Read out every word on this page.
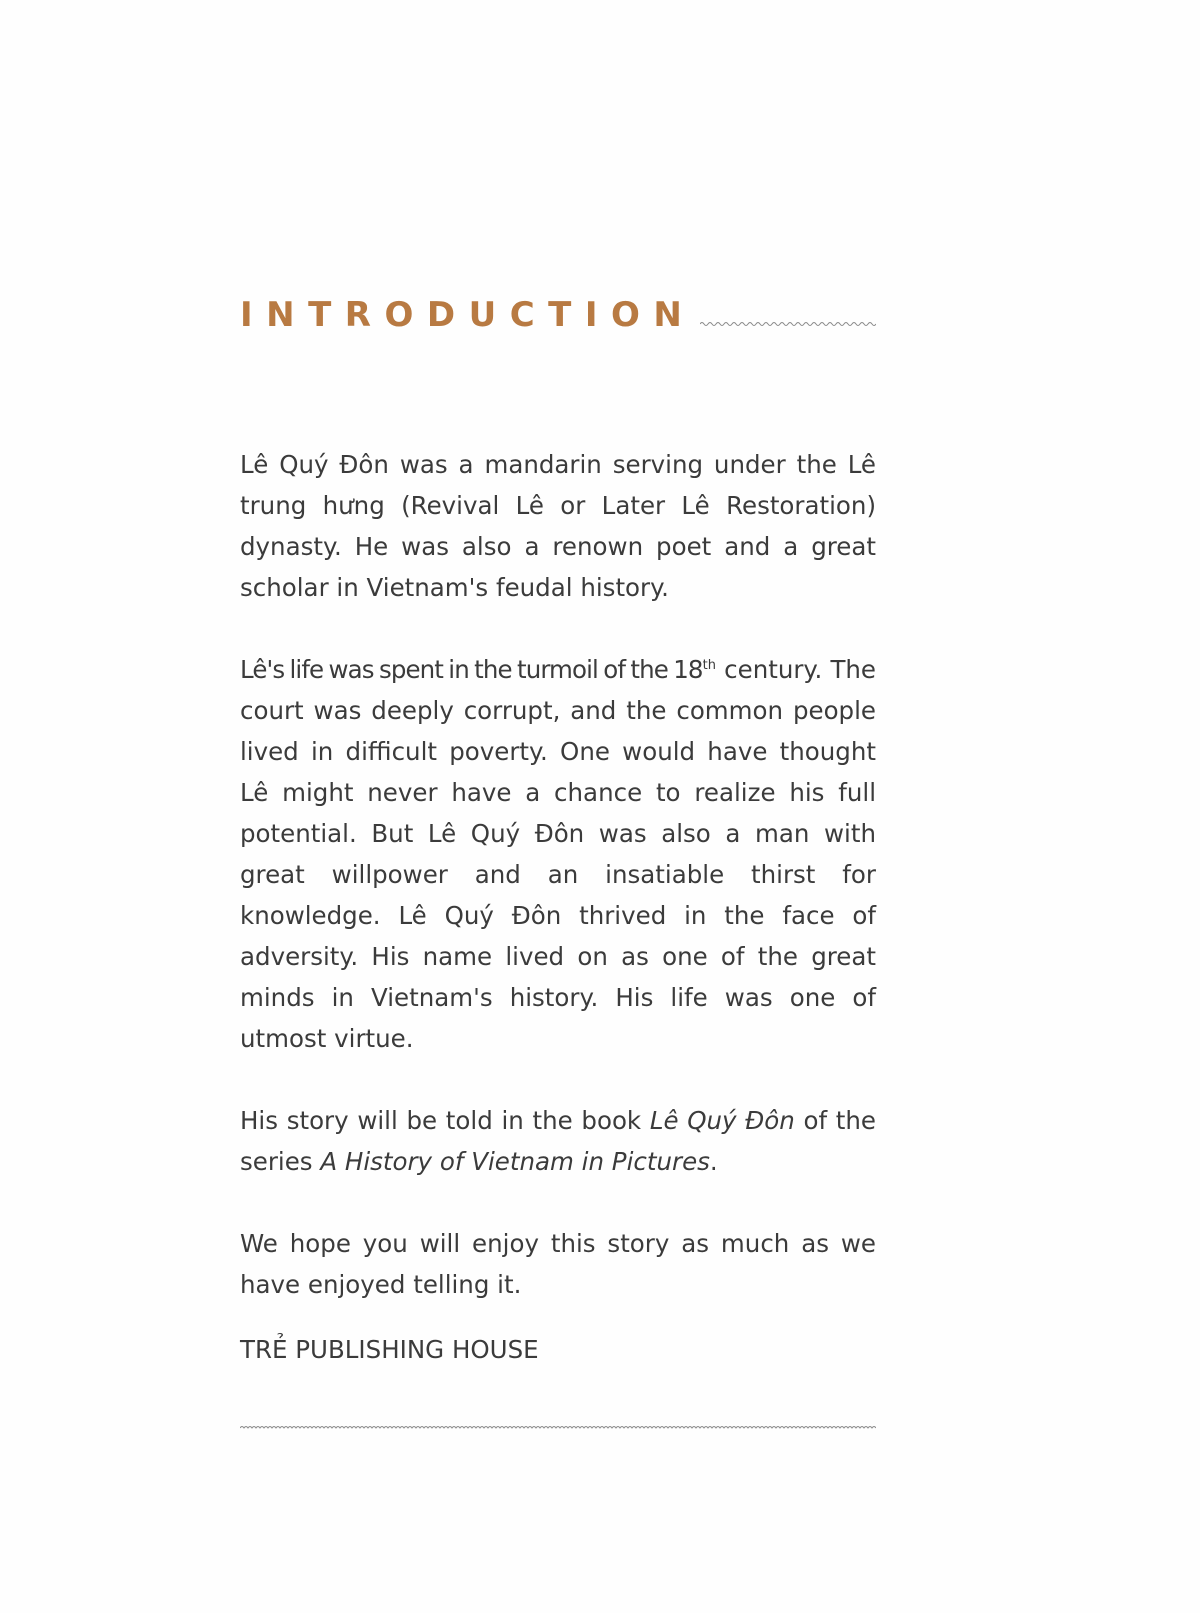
INTRODUCTION

Lê Quý Đôn was a mandarin serving under the Lê trung hưng (Revival Lê or Later Lê Restoration) dynasty. He was also a renown poet and a great scholar in Vietnam's feudal history.

Lê's life was spent in the turmoil of the 18th century. The court was deeply corrupt, and the common people lived in difficult poverty. One would have thought Lê might never have a chance to realize his full potential. But Lê Quý Đôn was also a man with great willpower and an insatiable thirst for knowledge. Lê Quý Đôn thrived in the face of adversity. His name lived on as one of the great minds in Vietnam's history. His life was one of utmost virtue.

His story will be told in the book Lê Quý Đôn of the series A History of Vietnam in Pictures.

We hope you will enjoy this story as much as we have enjoyed telling it.

TRẺ PUBLISHING HOUSE
